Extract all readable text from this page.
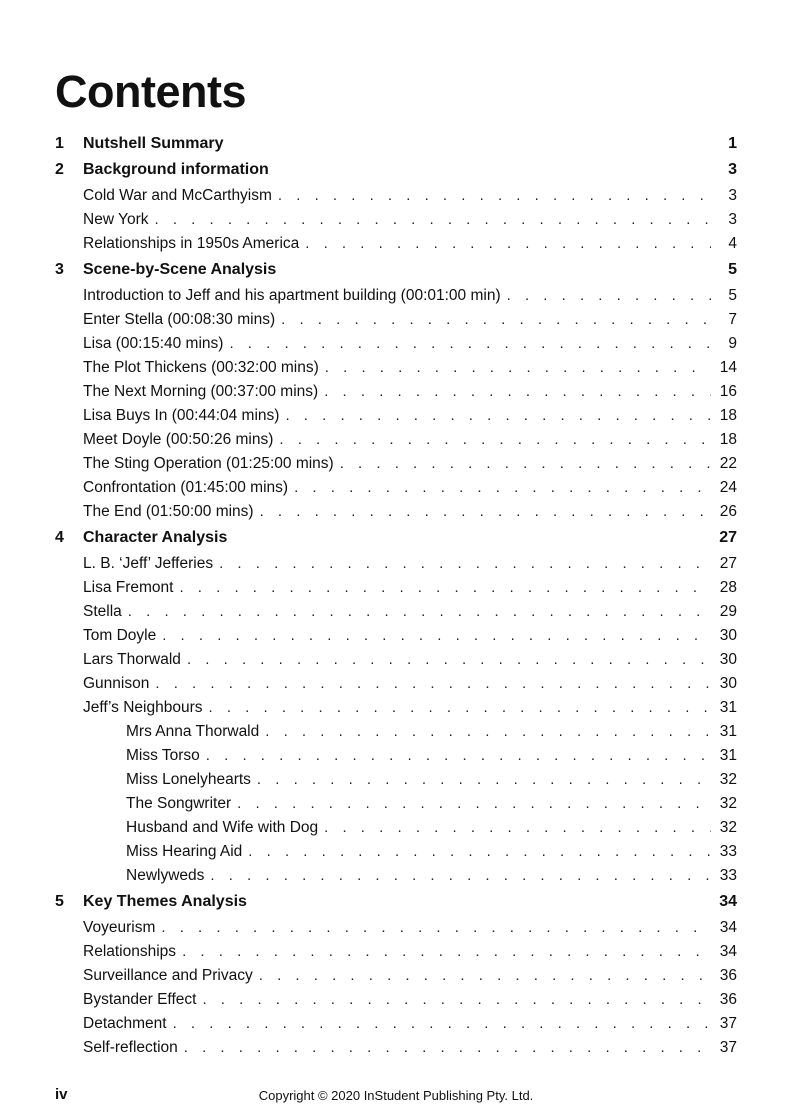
Contents
1	Nutshell Summary	1
2	Background information	3
Cold War and McCarthyism . . .	3
New York . . .	3
Relationships in 1950s America . . .	4
3	Scene-by-Scene Analysis	5
Introduction to Jeff and his apartment building (00:01:00 min) . . .	5
Enter Stella (00:08:30 mins) . . .	7
Lisa (00:15:40 mins) . . .	9
The Plot Thickens (00:32:00 mins) . . .	14
The Next Morning (00:37:00 mins) . . .	16
Lisa Buys In (00:44:04 mins) . . .	18
Meet Doyle (00:50:26 mins) . . .	18
The Sting Operation (01:25:00 mins) . . .	22
Confrontation (01:45:00 mins) . . .	24
The End (01:50:00 mins) . . .	26
4	Character Analysis	27
L. B. ‘Jeff’ Jefferies . . .	27
Lisa Fremont . . .	28
Stella . . .	29
Tom Doyle . . .	30
Lars Thorwald . . .	30
Gunnison . . .	30
Jeff’s Neighbours . . .	31
Mrs Anna Thorwald . . .	31
Miss Torso . . .	31
Miss Lonelyhearts . . .	32
The Songwriter . . .	32
Husband and Wife with Dog . . .	32
Miss Hearing Aid . . .	33
Newlyweds . . .	33
5	Key Themes Analysis	34
Voyeurism . . .	34
Relationships . . .	34
Surveillance and Privacy . . .	36
Bystander Effect . . .	36
Detachment . . .	37
Self-reflection . . .	37
iv	Copyright © 2020 InStudent Publishing Pty. Ltd.
